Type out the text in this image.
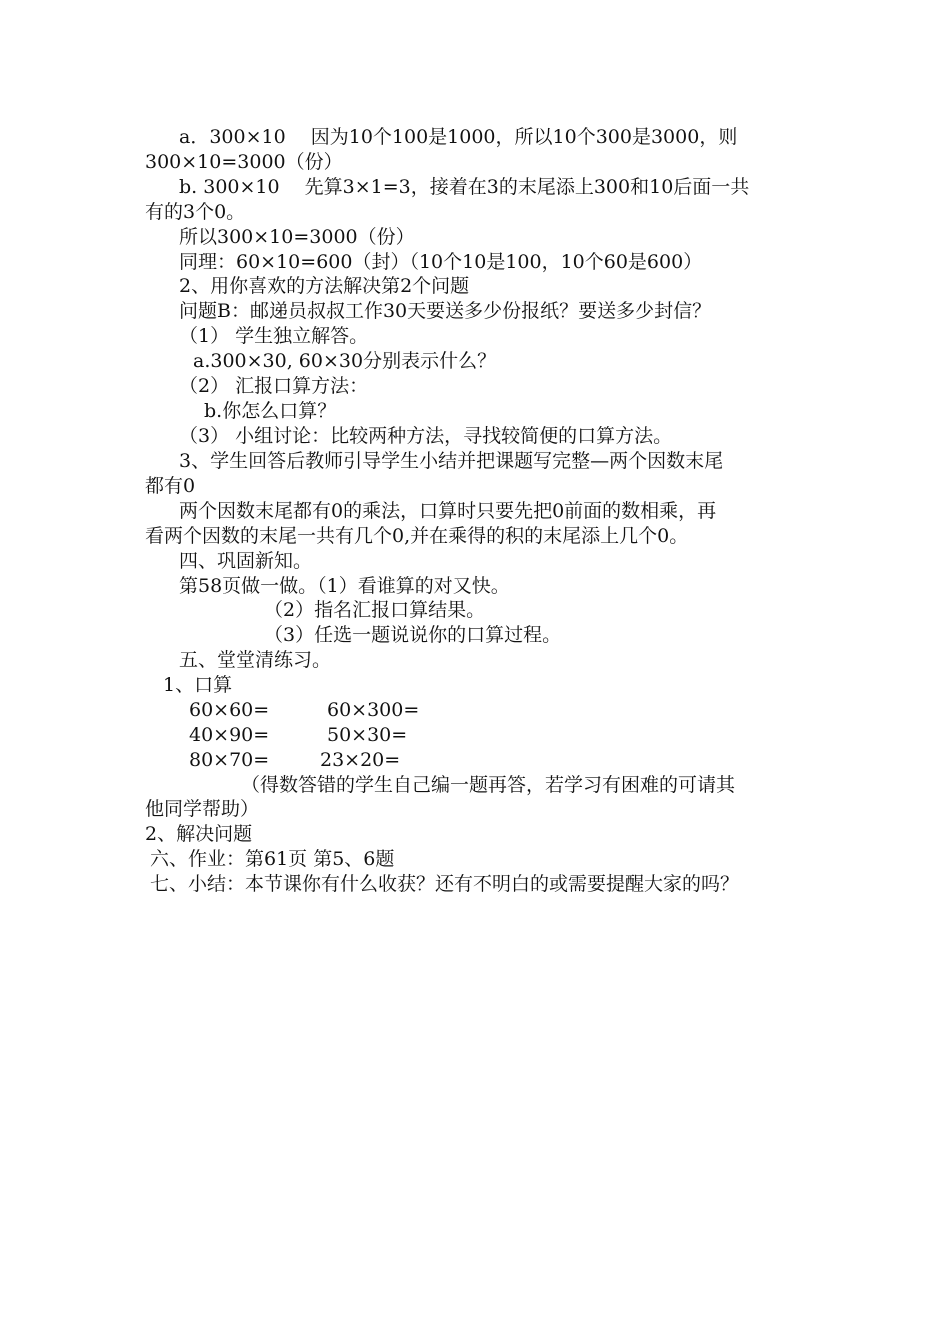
a．300×10　 因为10个100是1000，所以10个300是3000，则
300×10=3000（份）
b. 300×10　 先算3×1=3，接着在3的末尾添上300和10后面一共
有的3个0。
所以300×10=3000（份）
同理：60×10=600（封）（10个10是100，10个60是600）
2、用你喜欢的方法解决第2个问题
问题B：邮递员叔叔工作30天要送多少份报纸？要送多少封信？
（1） 学生独立解答。
a.300×30, 60×30分别表示什么？
（2） 汇报口算方法：
b.你怎么口算？
（3） 小组讨论：比较两种方法，寻找较简便的口算方法。
3、学生回答后教师引导学生小结并把课题写完整—两个因数末尾
都有0
两个因数末尾都有0的乘法，口算时只要先把0前面的数相乘，再
看两个因数的末尾一共有几个0,并在乘得的积的末尾添上几个0。
四、巩固新知。
第58页做一做。（1）看谁算的对又快。
（2）指名汇报口算结果。
（3）任选一题说说你的口算过程。
五、堂堂清练习。
1、口算
60×60=	60×300=
40×90=	50×30=
80×70=	23×20=
（得数答错的学生自己编一题再答，若学习有困难的可请其
他同学帮助）
2、解决问题
六、作业：第61页 第5、6题
七、小结：本节课你有什么收获？还有不明白的或需要提醒大家的吗？
